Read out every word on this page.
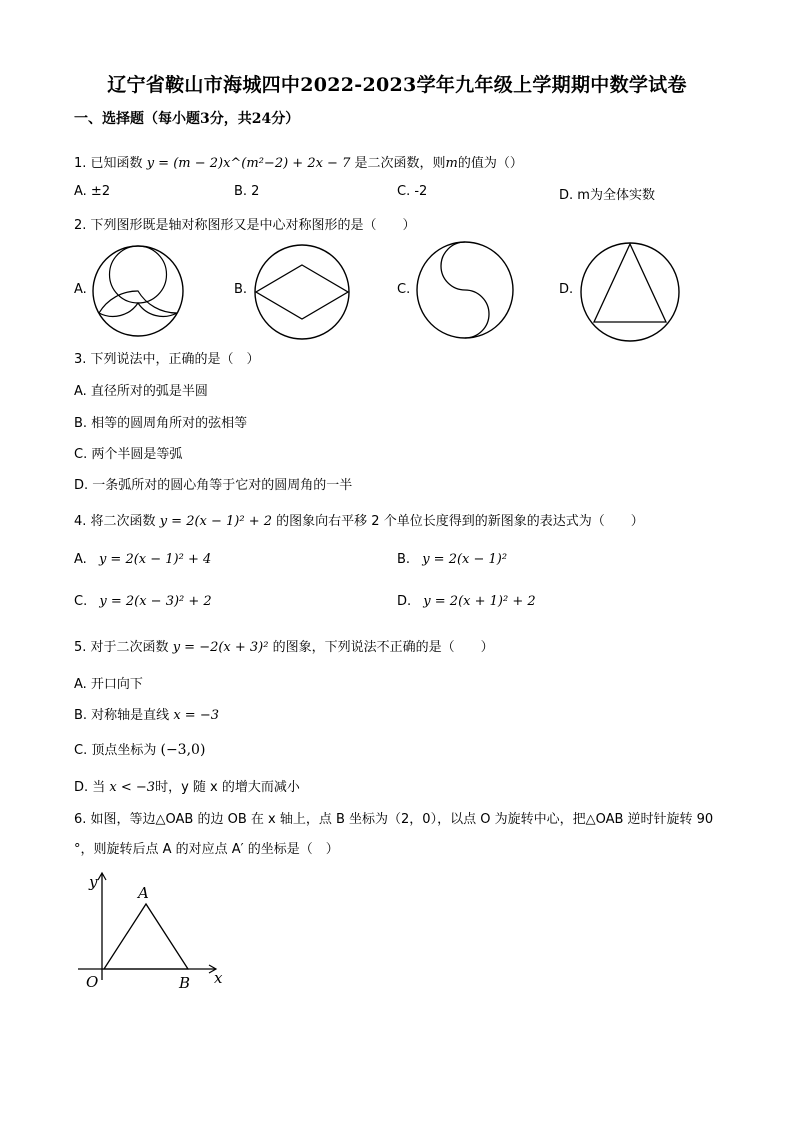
辽宁省鞍山市海城四中2022-2023学年九年级上学期期中数学试卷
一、选择题（每小题3分，共24分）
1. 已知函数 y = (m − 2)x^(m²−2) + 2x − 7 是二次函数，则m的值为（）
A. ±2	B. 2	C. -2	D. m为全体实数
2. 下列图形既是轴对称图形又是中心对称图形的是（　　）
A.	B.	C.	D.
3. 下列说法中，正确的是（　）
A. 直径所对的弧是半圆
B. 相等的圆周角所对的弦相等
C. 两个半圆是等弧
D. 一条弧所对的圆心角等于它对的圆周角的一半
4. 将二次函数 y = 2(x − 1)² + 2 的图象向右平移 2 个单位长度得到的新图象的表达式为（　　）
A. y = 2(x − 1)² + 4	B. y = 2(x − 1)²
C. y = 2(x − 3)² + 2	D. y = 2(x + 1)² + 2
5. 对于二次函数 y = −2(x + 3)² 的图象，下列说法不正确的是（　　）
A. 开口向下
B. 对称轴是直线 x = −3
C. 顶点坐标为 (−3,0)
D. 当 x < −3时，y 随 x 的增大而减小
6. 如图，等边△OAB 的边 OB 在 x 轴上，点 B 坐标为（2，0），以点 O 为旋转中心，把△OAB 逆时针旋转 90
°，则旋转后点 A 的对应点 A′ 的坐标是（　）
y
A
O	B x
